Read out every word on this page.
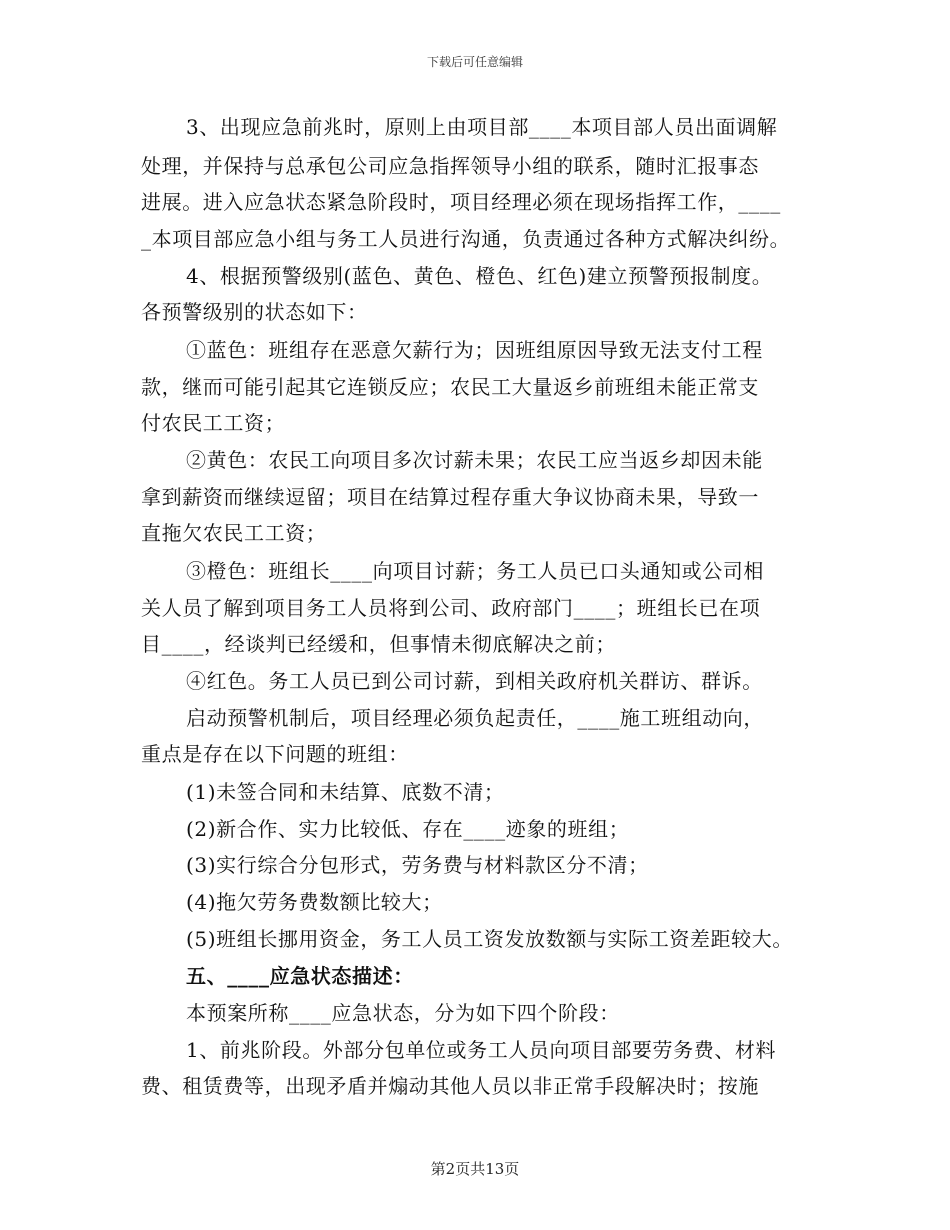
下载后可任意编辑
3、出现应急前兆时，原则上由项目部____本项目部人员出面调解
处理，并保持与总承包公司应急指挥领导小组的联系，随时汇报事态
进展。进入应急状态紧急阶段时，项目经理必须在现场指挥工作，____
_本项目部应急小组与务工人员进行沟通，负责通过各种方式解决纠纷。
4、根据预警级别(蓝色、黄色、橙色、红色)建立预警预报制度。
各预警级别的状态如下：
①蓝色：班组存在恶意欠薪行为；因班组原因导致无法支付工程
款，继而可能引起其它连锁反应；农民工大量返乡前班组未能正常支
付农民工工资；
②黄色：农民工向项目多次讨薪未果；农民工应当返乡却因未能
拿到薪资而继续逗留；项目在结算过程存重大争议协商未果，导致一
直拖欠农民工工资；
③橙色：班组长____向项目讨薪；务工人员已口头通知或公司相
关人员了解到项目务工人员将到公司、政府部门____；班组长已在项
目____，经谈判已经缓和，但事情未彻底解决之前；
④红色。务工人员已到公司讨薪，到相关政府机关群访、群诉。
启动预警机制后，项目经理必须负起责任，____施工班组动向，
重点是存在以下问题的班组：
(1)未签合同和未结算、底数不清；
(2)新合作、实力比较低、存在____迹象的班组；
(3)实行综合分包形式，劳务费与材料款区分不清；
(4)拖欠劳务费数额比较大；
(5)班组长挪用资金，务工人员工资发放数额与实际工资差距较大。
五、____应急状态描述：
本预案所称____应急状态，分为如下四个阶段：
1、前兆阶段。外部分包单位或务工人员向项目部要劳务费、材料
费、租赁费等，出现矛盾并煽动其他人员以非正常手段解决时；按施
第2页共13页
